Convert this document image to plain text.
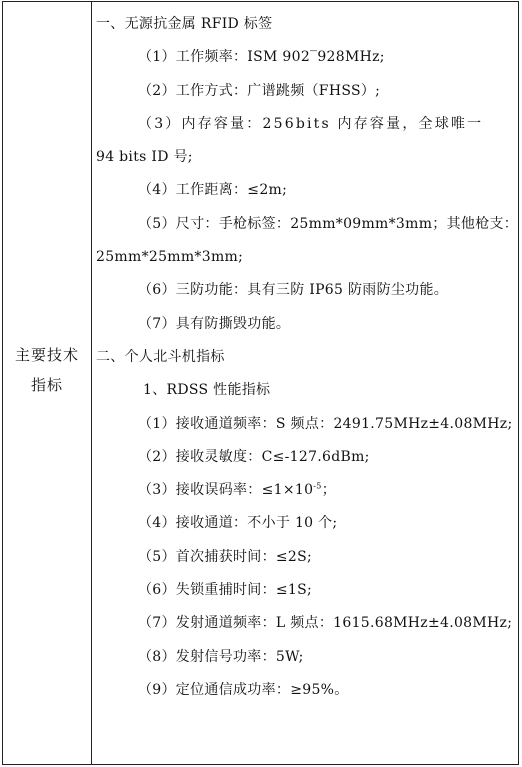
主要技术
指标
一、无源抗金属 RFID 标签
（1）工作频率：ISM 902‾928MHz;
（2）工作方式：广谱跳频（FHSS）;
（3）内存容量：256bits 内存容量，全球唯一
94 bits ID 号;
（4）工作距离：≤2m;
（5）尺寸：手枪标签：25mm*09mm*3mm；其他枪支：
25mm*25mm*3mm;
（6）三防功能：具有三防 IP65 防雨防尘功能。
（7）具有防撕毁功能。
二、个人北斗机指标
1、RDSS 性能指标
（1）接收通道频率：S 频点：2491.75MHz±4.08MHz;
（2）接收灵敏度：C≤-127.6dBm;
（3）接收误码率：$\le 1\times 10^{-5}$；
（4）接收通道：不小于 10 个;
（5）首次捕获时间：≤2S;
（6）失锁重捕时间：≤1S;
（7）发射通道频率：L 频点：1615.68MHz±4.08MHz;
（8）发射信号功率：5W;
（9）定位通信成功率：≥95%。
